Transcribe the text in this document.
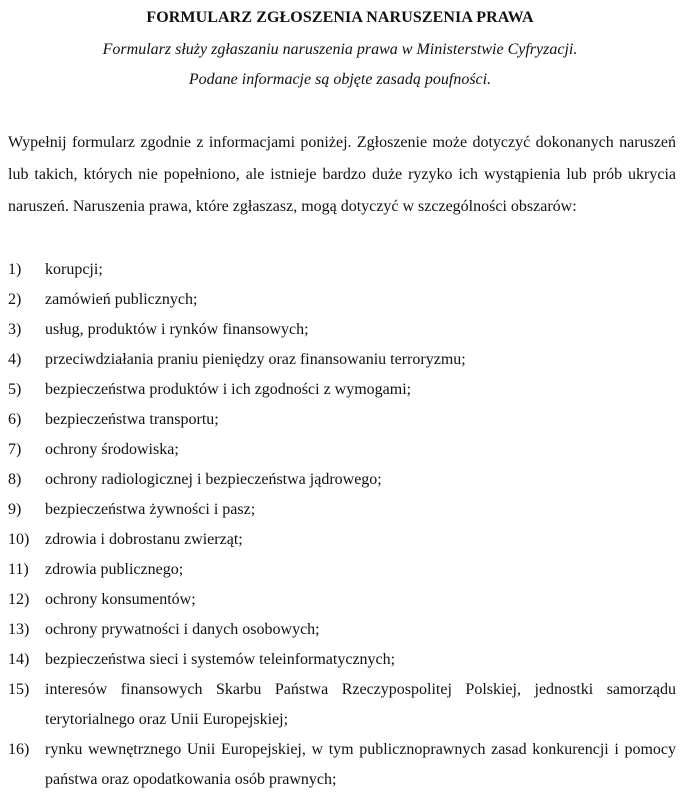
FORMULARZ ZGŁOSZENIA NARUSZENIA PRAWA
Formularz służy zgłaszaniu naruszenia prawa w Ministerstwie Cyfryzacji.
Podane informacje są objęte zasadą poufności.

Wypełnij formularz zgodnie z informacjami poniżej. Zgłoszenie może dotyczyć dokonanych naruszeń lub takich, których nie popełniono, ale istnieje bardzo duże ryzyko ich wystąpienia lub prób ukrycia naruszeń. Naruszenia prawa, które zgłaszasz, mogą dotyczyć w szczególności obszarów:

1) korupcji;
2) zamówień publicznych;
3) usług, produktów i rynków finansowych;
4) przeciwdziałania praniu pieniędzy oraz finansowaniu terroryzmu;
5) bezpieczeństwa produktów i ich zgodności z wymogami;
6) bezpieczeństwa transportu;
7) ochrony środowiska;
8) ochrony radiologicznej i bezpieczeństwa jądrowego;
9) bezpieczeństwa żywności i pasz;
10) zdrowia i dobrostanu zwierząt;
11) zdrowia publicznego;
12) ochrony konsumentów;
13) ochrony prywatności i danych osobowych;
14) bezpieczeństwa sieci i systemów teleinformatycznych;
15) interesów finansowych Skarbu Państwa Rzeczypospolitej Polskiej, jednostki samorządu terytorialnego oraz Unii Europejskiej;
16) rynku wewnętrznego Unii Europejskiej, w tym publicznoprawnych zasad konkurencji i pomocy państwa oraz opodatkowania osób prawnych;
